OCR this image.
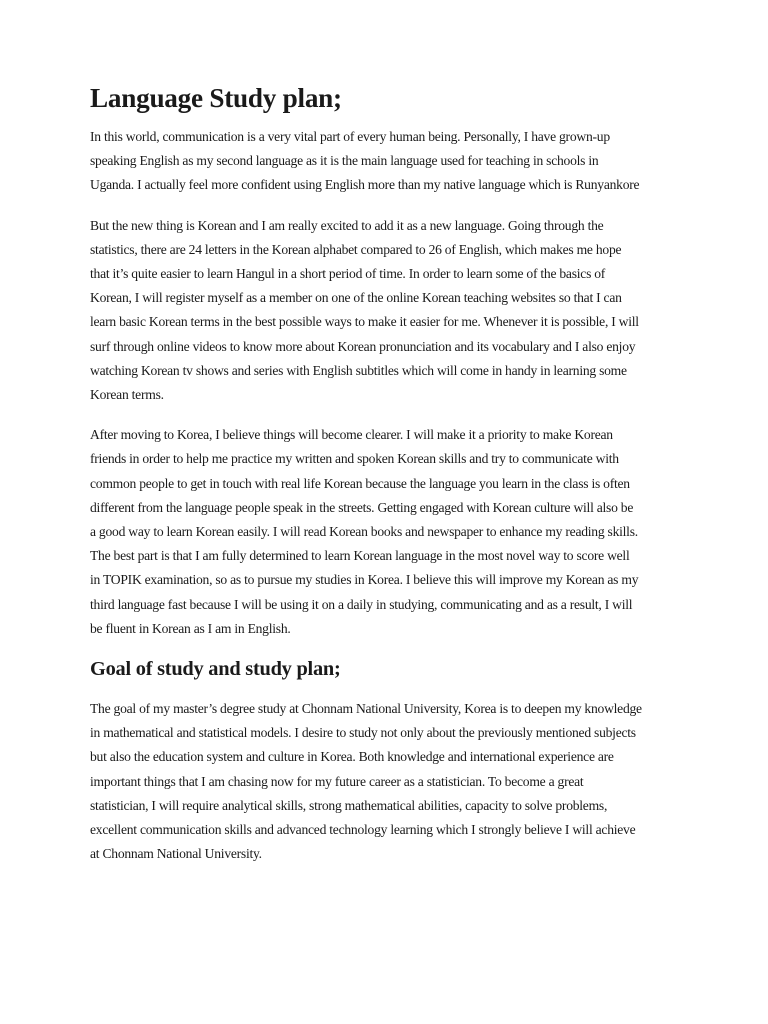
Language Study plan;

In this world, communication is a very vital part of every human being. Personally, I have grown-up
speaking English as my second language as it is the main language used for teaching in schools in
Uganda. I actually feel more confident using English more than my native language which is Runyankore

But the new thing is Korean and I am really excited to add it as a new language. Going through the
statistics, there are 24 letters in the Korean alphabet compared to 26 of English, which makes me hope
that it’s quite easier to learn Hangul in a short period of time. In order to learn some of the basics of
Korean, I will register myself as a member on one of the online Korean teaching websites so that I can
learn basic Korean terms in the best possible ways to make it easier for me. Whenever it is possible, I will
surf through online videos to know more about Korean pronunciation and its vocabulary and I also enjoy
watching Korean tv shows and series with English subtitles which will come in handy in learning some
Korean terms.

After moving to Korea, I believe things will become clearer. I will make it a priority to make Korean
friends in order to help me practice my written and spoken Korean skills and try to communicate with
common people to get in touch with real life Korean because the language you learn in the class is often
different from the language people speak in the streets. Getting engaged with Korean culture will also be
a good way to learn Korean easily. I will read Korean books and newspaper to enhance my reading skills.
The best part is that I am fully determined to learn Korean language in the most novel way to score well
in TOPIK examination, so as to pursue my studies in Korea. I believe this will improve my Korean as my
third language fast because I will be using it on a daily in studying, communicating and as a result, I will
be fluent in Korean as I am in English.

Goal of study and study plan;

The goal of my master’s degree study at Chonnam National University, Korea is to deepen my knowledge
in mathematical and statistical models. I desire to study not only about the previously mentioned subjects
but also the education system and culture in Korea. Both knowledge and international experience are
important things that I am chasing now for my future career as a statistician. To become a great
statistician, I will require analytical skills, strong mathematical abilities, capacity to solve problems,
excellent communication skills and advanced technology learning which I strongly believe I will achieve
at Chonnam National University.
